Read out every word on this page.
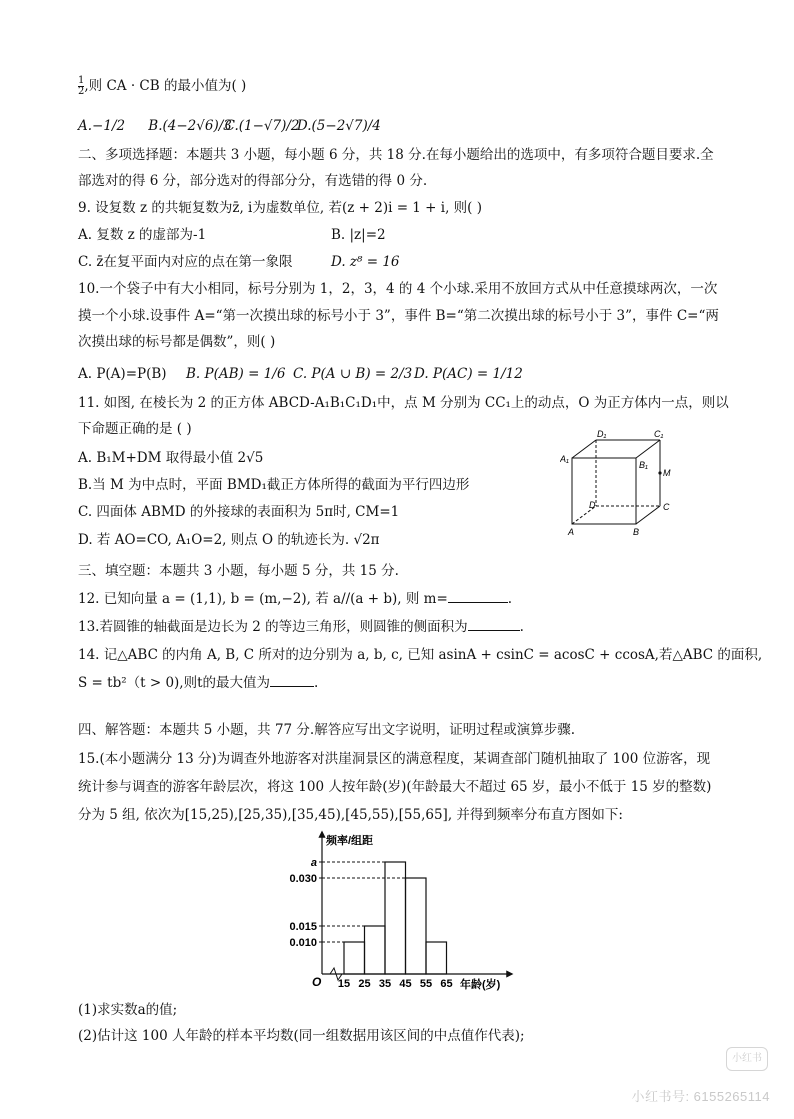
$\frac{1}{2}$ ,则 CA · CB 的最小值为( )
A.−1/2 B.(4−2√6)/3 C.(1−√7)/2 D.(5−2√7)/4
二、多项选择题：本题共 3 小题，每小题 6 分，共 18 分.在每小题给出的选项中，有多项符合题目要求.全
部选对的得 6 分，部分选对的得部分分，有选错的得 0 分.
9. 设复数 z 的共轭复数为z̄, i为虚数单位, 若(z + 2)i = 1 + i, 则( )
A. 复数 z 的虚部为-1	B. |z|=2
C. z̄在复平面内对应的点在第一象限	D. z⁸ = 16
10.一个袋子中有大小相同，标号分别为 1，2，3，4 的 4 个小球.采用不放回方式从中任意摸球两次，一次
摸一个小球.设事件 A=“第一次摸出球的标号小于 3”，事件 B=“第二次摸出球的标号小于 3”，事件 C=“两
次摸出球的标号都是偶数”，则( )
A. P(A)=P(B) B. P(AB) = 1/6 C. P(A ∪ B) = 2/3 D. P(AC) = 1/12
11. 如图, 在棱长为 2 的正方体 ABCD-A₁B₁C₁D₁中，点 M 分别为 CC₁上的动点，O 为正方体内一点，则以
下命题正确的是 ( )
A. B₁M+DM 取得最小值 2√5
B.当 M 为中点时，平面 BMD₁截正方体所得的截面为平行四边形
C. 四面体 ABMD 的外接球的表面积为 5π时, CM=1
D. 若 AO=CO, A₁O=2, 则点 O 的轨迹长为. √2π
D₁	C₁
A₁
B₁
M
D	C
A	B
三、填空题：本题共 3 小题，每小题 5 分，共 15 分.
12. 已知向量 a = (1,1), b = (m,−2), 若 a//(a + b), 则 m=	.
13.若圆锥的轴截面是边长为 2 的等边三角形，则圆锥的侧面积为	.
14. 记△ABC 的内角 A, B, C 所对的边分别为 a, b, c, 已知 asinA + csinC = acosC + ccosA,若△ABC 的面积,
S = tb²（t > 0),则t的最大值为	.
四、解答题：本题共 5 小题，共 77 分.解答应写出文字说明，证明过程或演算步骤.
15.(本小题满分 13 分)为调查外地游客对洪崖洞景区的满意程度，某调查部门随机抽取了 100 位游客，现
统计参与调查的游客年龄层次，将这 100 人按年龄(岁)(年龄最大不超过 65 岁，最小不低于 15 岁的整数)
分为 5 组, 依次为[15,25),[25,35),[35,45),[45,55),[55,65], 并得到频率分布直方图如下:
频率/组距
年龄(岁)
O
a
0.030
0.015
0.010
15 25 35 45 55 65
(1)求实数a的值;
(2)估计这 100 人年龄的样本平均数(同一组数据用该区间的中点值作代表);
小红书
小红书号: 6155265114
